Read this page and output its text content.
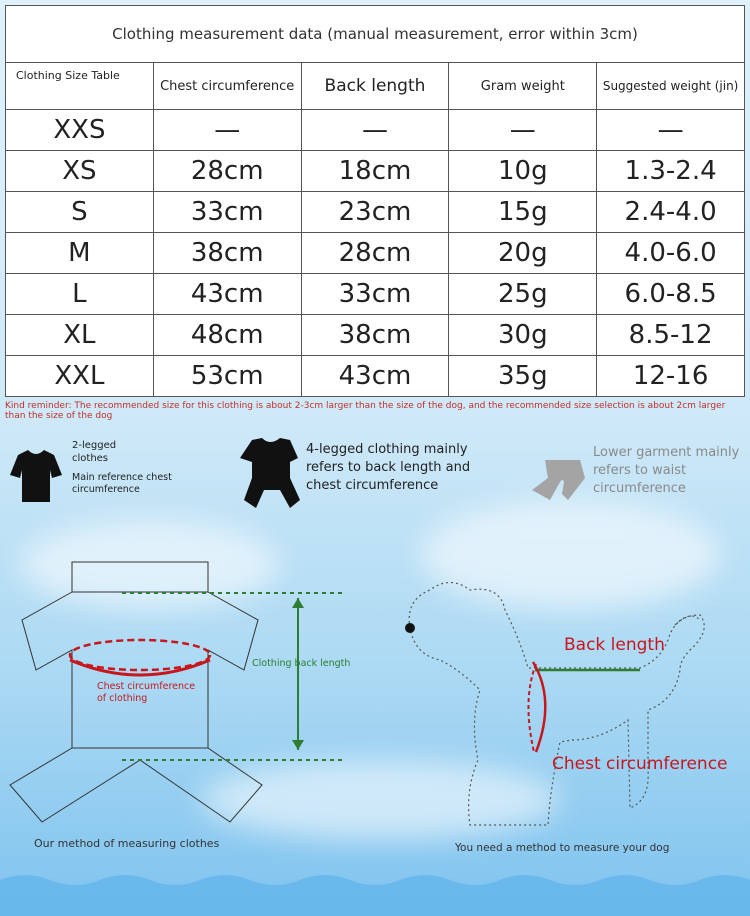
Clothing measurement data (manual measurement, error within 3cm)				
Clothing Size Table	Chest circumference	Back length	Gram weight	Suggested weight (jin)
XXS	—	—	—	—
XS	28cm	18cm	10g	1.3-2.4
S	33cm	23cm	15g	2.4-4.0
M	38cm	28cm	20g	4.0-6.0
L	43cm	33cm	25g	6.0-8.5
XL	48cm	38cm	30g	8.5-12
XXL	53cm	43cm	35g	12-16
Kind reminder: The recommended size for this clothing is about 2-3cm larger than the size of the dog, and the recommended size selection is about 2cm larger than the size of the dog
2-legged clothes
Main reference chest circumference
4-legged clothing mainly refers to back length and chest circumference
Lower garment mainly refers to waist circumference
Clothing back length
Chest circumference of clothing
Our method of measuring clothes
Back length
Chest circumference
You need a method to measure your dog
